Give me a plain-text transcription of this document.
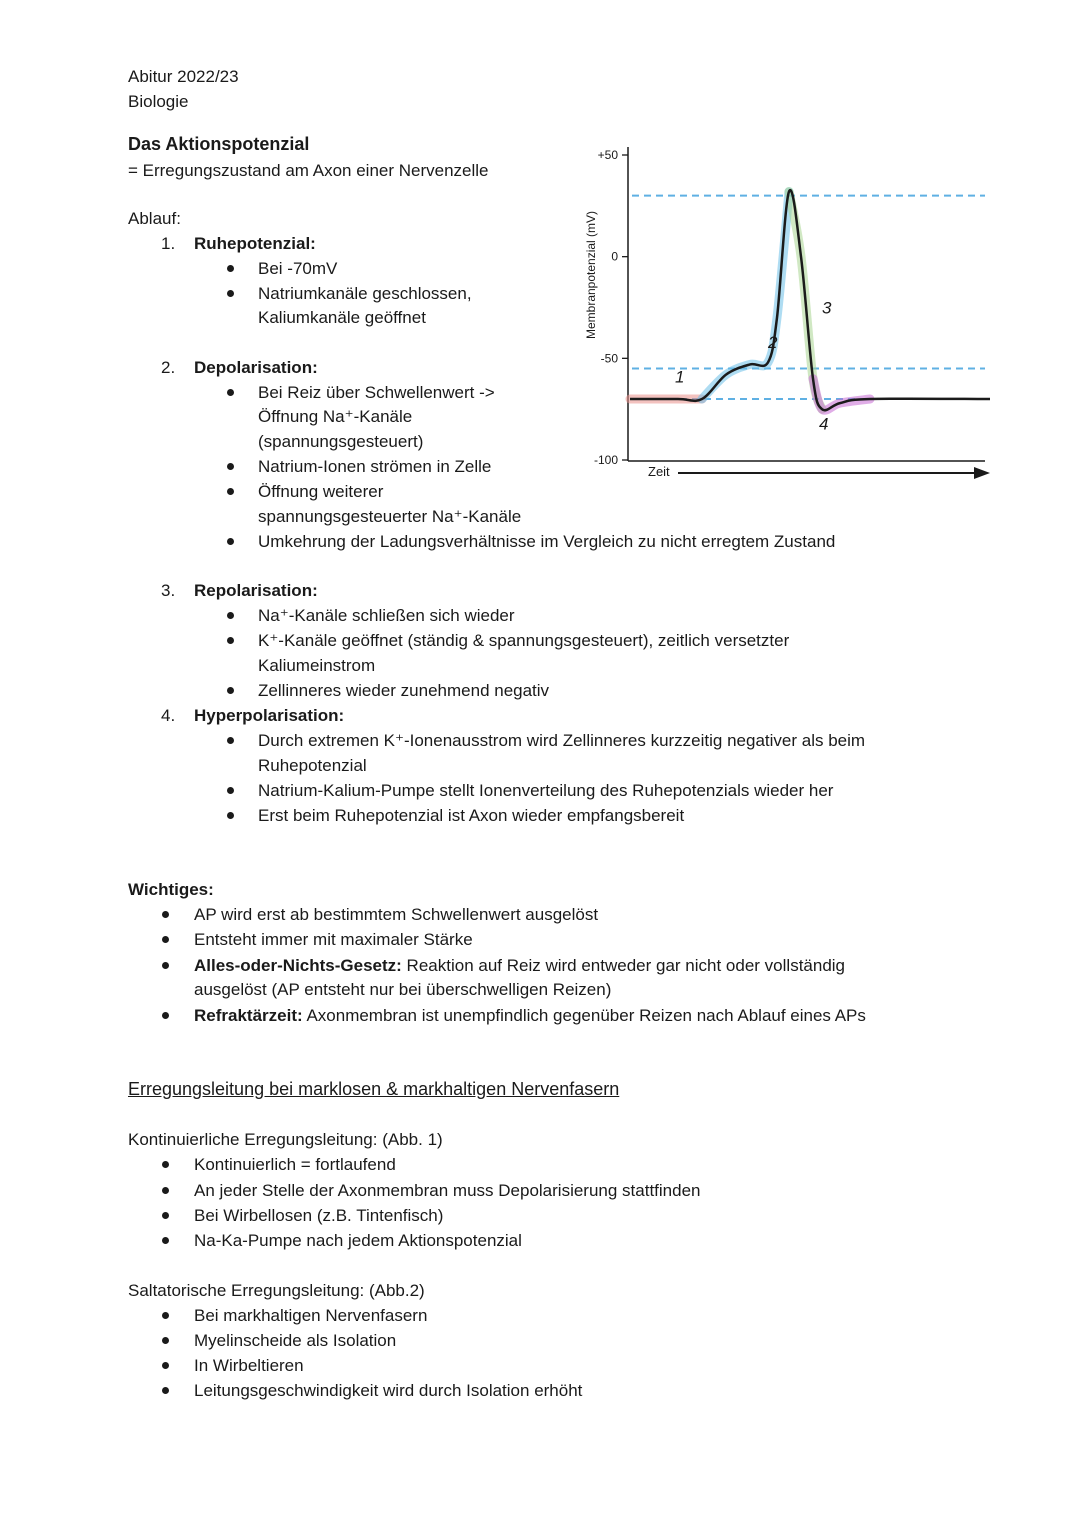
Abitur 2022/23
Biologie
Das Aktionspotenzial
= Erregungszustand am Axon einer Nervenzelle
Ablauf:
1. Ruhepotenzial:
Bei -70mV
Natriumkanäle geschlossen,
Kaliumkanäle geöffnet
2. Depolarisation:
Bei Reiz über Schwellenwert ->
Öffnung Na⁺-Kanäle
(spannungsgesteuert)
Natrium-Ionen strömen in Zelle
Öffnung weiterer
spannungsgesteuerter Na⁺-Kanäle
Umkehrung der Ladungsverhältnisse im Vergleich zu nicht erregtem Zustand
3. Repolarisation:
Na⁺-Kanäle schließen sich wieder
K⁺-Kanäle geöffnet (ständig & spannungsgesteuert), zeitlich versetzter
Kaliumeinstrom
Zellinneres wieder zunehmend negativ
4. Hyperpolarisation:
Durch extremen K⁺-Ionenausstrom wird Zellinneres kurzzeitig negativer als beim
Ruhepotenzial
Natrium-Kalium-Pumpe stellt Ionenverteilung des Ruhepotenzials wieder her
Erst beim Ruhepotenzial ist Axon wieder empfangsbereit
Wichtiges:
AP wird erst ab bestimmtem Schwellenwert ausgelöst
Entsteht immer mit maximaler Stärke
Alles-oder-Nichts-Gesetz: Reaktion auf Reiz wird entweder gar nicht oder vollständig
ausgelöst (AP entsteht nur bei überschwelligen Reizen)
Refraktärzeit: Axonmembran ist unempfindlich gegenüber Reizen nach Ablauf eines APs
Erregungsleitung bei marklosen & markhaltigen Nervenfasern
Kontinuierliche Erregungsleitung: (Abb. 1)
Kontinuierlich = fortlaufend
An jeder Stelle der Axonmembran muss Depolarisierung stattfinden
Bei Wirbellosen (z.B. Tintenfisch)
Na-Ka-Pumpe nach jedem Aktionspotenzial
Saltatorische Erregungsleitung: (Abb.2)
Bei markhaltigen Nervenfasern
Myelinscheide als Isolation
In Wirbeltieren
Leitungsgeschwindigkeit wird durch Isolation erhöht
Membranpotenzial (mV)
+50
0
-50
-100
Zeit
1
2
3
4
